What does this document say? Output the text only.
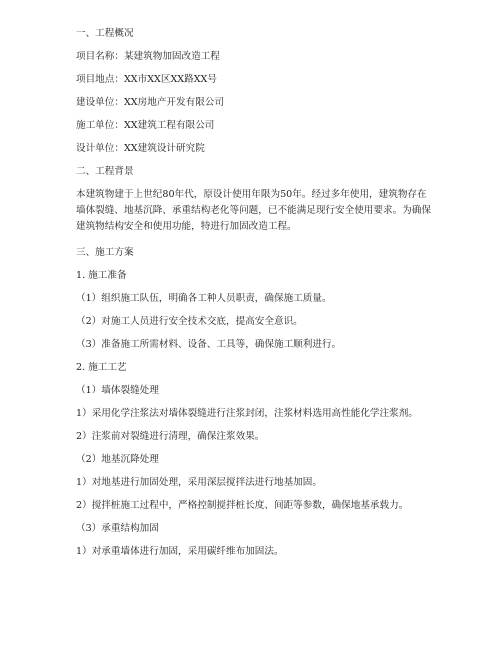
一、工程概况

项目名称：某建筑物加固改造工程

项目地点：XX市XX区XX路XX号

建设单位：XX房地产开发有限公司

施工单位：XX建筑工程有限公司

设计单位：XX建筑设计研究院

二、工程背景

本建筑物建于上世纪80年代，原设计使用年限为50年。经过多年使用，建筑物存在墙体裂缝、地基沉降、承重结构老化等问题，已不能满足现行安全使用要求。为确保建筑物结构安全和使用功能，特进行加固改造工程。

三、施工方案

1. 施工准备

（1）组织施工队伍，明确各工种人员职责，确保施工质量。

（2）对施工人员进行安全技术交底，提高安全意识。

（3）准备施工所需材料、设备、工具等，确保施工顺利进行。

2. 施工工艺

（1）墙体裂缝处理

1）采用化学注浆法对墙体裂缝进行注浆封闭，注浆材料选用高性能化学注浆剂。

2）注浆前对裂缝进行清理，确保注浆效果。

（2）地基沉降处理

1）对地基进行加固处理，采用深层搅拌法进行地基加固。

2）搅拌桩施工过程中，严格控制搅拌桩长度、间距等参数，确保地基承载力。

（3）承重结构加固

1）对承重墙体进行加固，采用碳纤维布加固法。
